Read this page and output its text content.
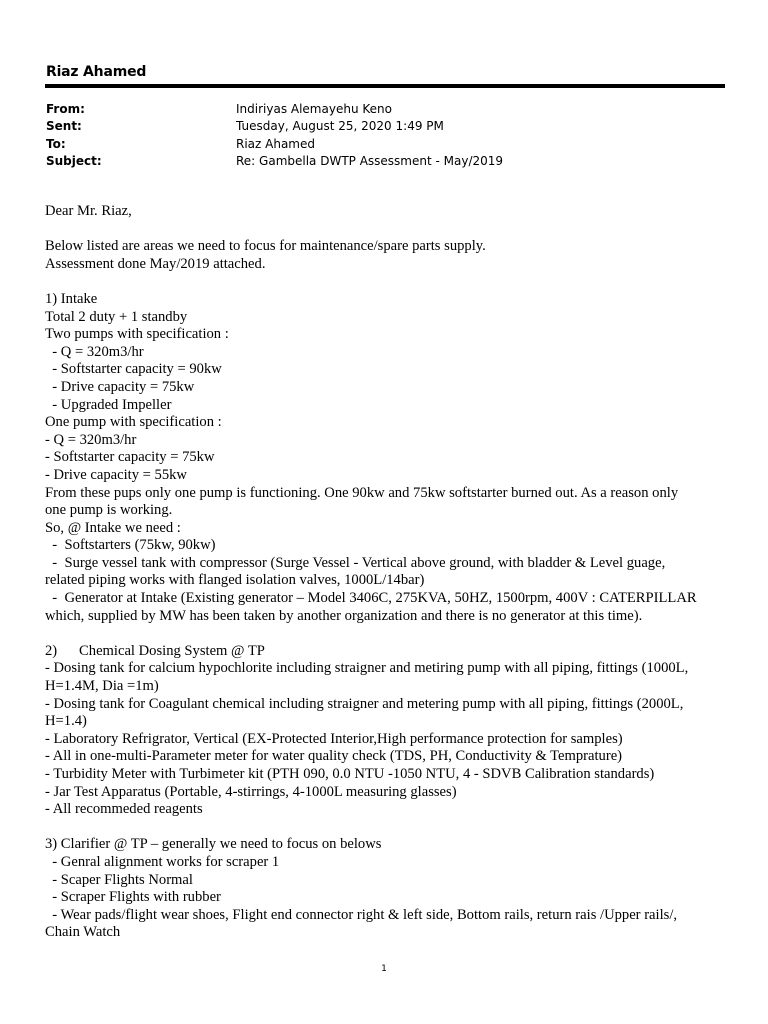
Riaz Ahamed
From:	Indiriyas Alemayehu Keno
Sent:	Tuesday, August 25, 2020 1:49 PM
To:	Riaz Ahamed
Subject:	Re: Gambella DWTP Assessment - May/2019
Dear Mr. Riaz,
Below listed are areas we need to focus for maintenance/spare parts supply.
Assessment done May/2019 attached.
1) Intake
Total 2 duty + 1 standby
Two pumps with specification :
- Q = 320m3/hr
- Softstarter capacity = 90kw
- Drive capacity = 75kw
- Upgraded Impeller
One pump with specification :
- Q = 320m3/hr
- Softstarter capacity = 75kw
- Drive capacity = 55kw
From these pups only one pump is functioning. One 90kw and 75kw softstarter burned out. As a reason only
one pump is working.
So, @ Intake we need :
-  Softstarters (75kw, 90kw)
-  Surge vessel tank with compressor (Surge Vessel - Vertical above ground, with bladder & Level guage,
related piping works with flanged isolation valves, 1000L/14bar)
-  Generator at Intake (Existing generator – Model 3406C, 275KVA, 50HZ, 1500rpm, 400V : CATERPILLAR
which, supplied by MW has been taken by another organization and there is no generator at this time).
2)      Chemical Dosing System @ TP
- Dosing tank for calcium hypochlorite including straigner and metiring pump with all piping, fittings (1000L,
H=1.4M, Dia =1m)
- Dosing tank for Coagulant chemical including straigner and metering pump with all piping, fittings (2000L,
H=1.4)
- Laboratory Refrigrator, Vertical (EX-Protected Interior,High performance protection for samples)
- All in one-multi-Parameter meter for water quality check (TDS, PH, Conductivity & Temprature)
- Turbidity Meter with Turbimeter kit (PTH 090, 0.0 NTU -1050 NTU, 4 - SDVB Calibration standards)
- Jar Test Apparatus (Portable, 4-stirrings, 4-1000L measuring glasses)
- All recommeded reagents
3) Clarifier @ TP – generally we need to focus on belows
- Genral alignment works for scraper 1
- Scaper Flights Normal
- Scraper Flights with rubber
- Wear pads/flight wear shoes, Flight end connector right & left side, Bottom rails, return rais /Upper rails/,
Chain Watch
1
